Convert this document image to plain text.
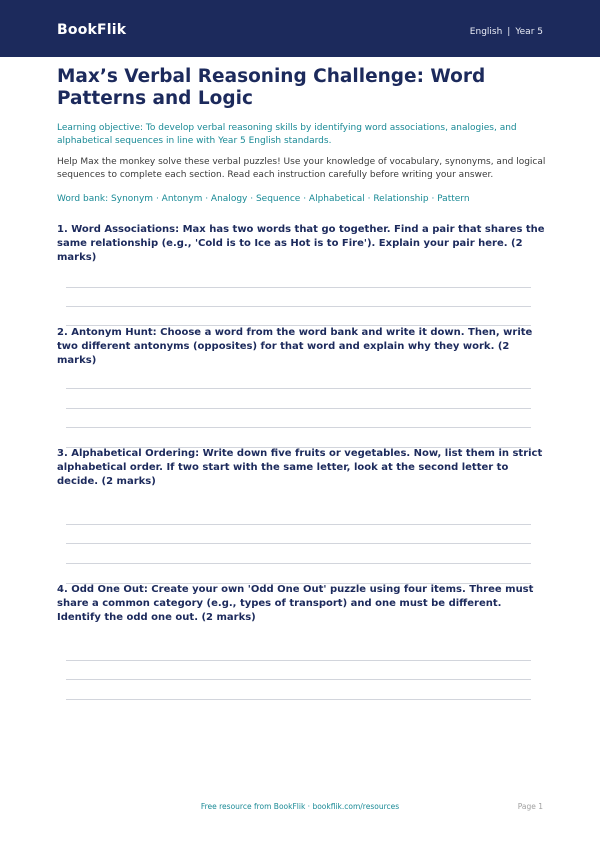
BookFlik	English | Year 5
Max’s Verbal Reasoning Challenge: Word Patterns and Logic

Learning objective: To develop verbal reasoning skills by identifying word associations, analogies, and alphabetical sequences in line with Year 5 English standards.

Help Max the monkey solve these verbal puzzles! Use your knowledge of vocabulary, synonyms, and logical sequences to complete each section. Read each instruction carefully before writing your answer.

Word bank: Synonym · Antonym · Analogy · Sequence · Alphabetical · Relationship · Pattern

1. Word Associations: Max has two words that go together. Find a pair that shares the same relationship (e.g., 'Cold is to Ice as Hot is to Fire'). Explain your pair here. (2 marks)
2. Antonym Hunt: Choose a word from the word bank and write it down. Then, write two different antonyms (opposites) for that word and explain why they work. (2 marks)
3. Alphabetical Ordering: Write down five fruits or vegetables. Now, list them in strict alphabetical order. If two start with the same letter, look at the second letter to decide. (2 marks)
4. Odd One Out: Create your own 'Odd One Out' puzzle using four items. Three must share a common category (e.g., types of transport) and one must be different. Identify the odd one out. (2 marks)
Free resource from BookFlik · bookflik.com/resources	Page 1
